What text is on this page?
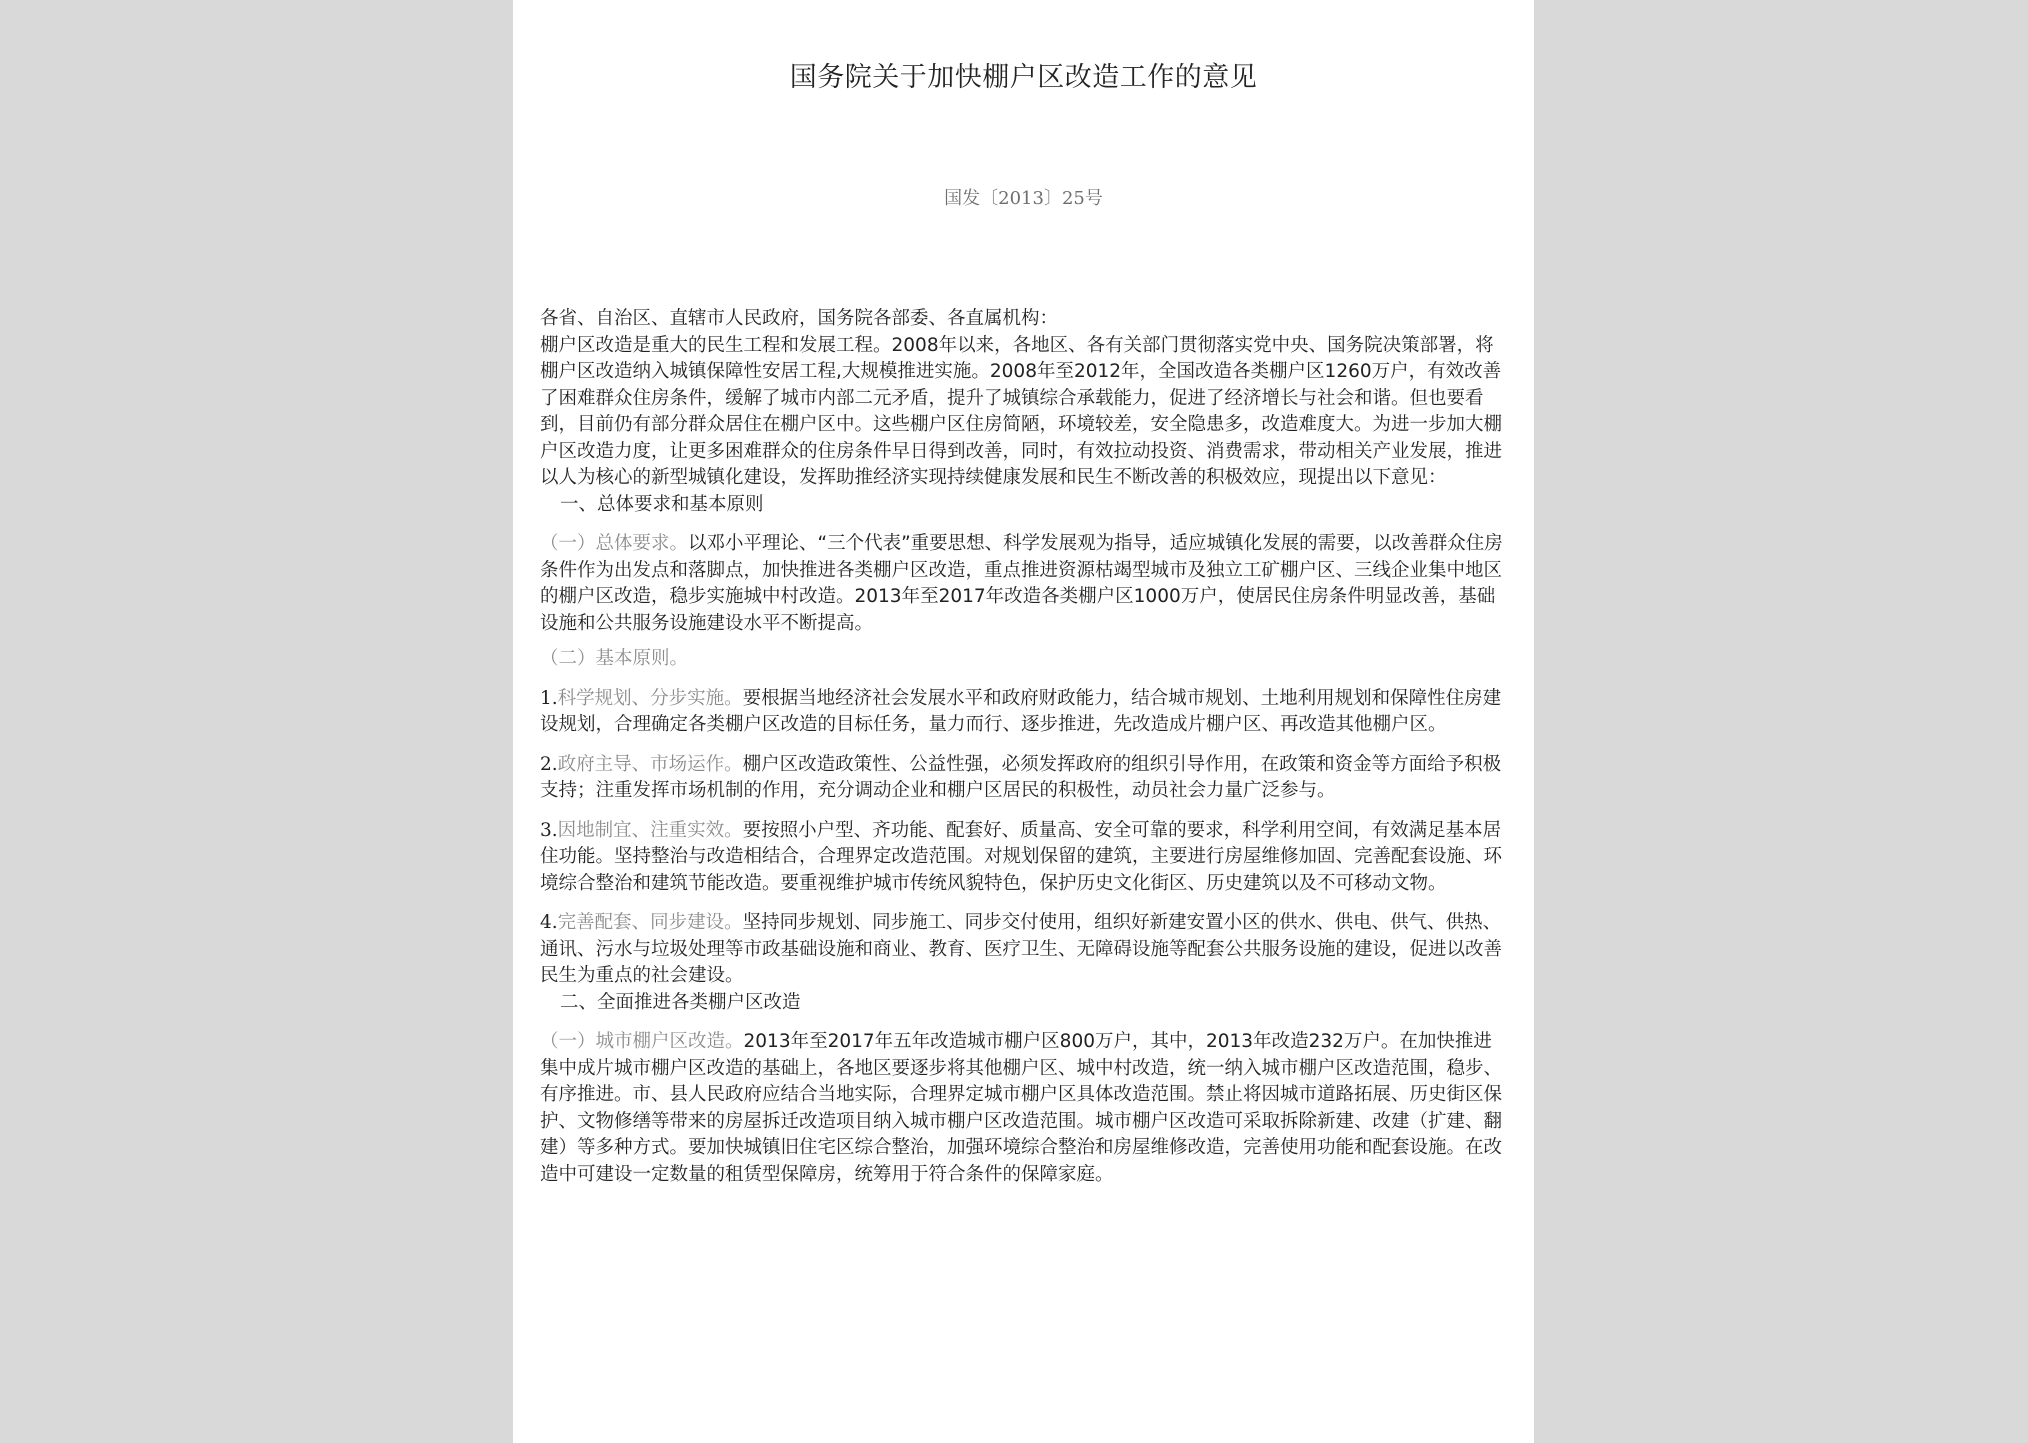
国务院关于加快棚户区改造工作的意见
国发〔2013〕25号

各省、自治区、直辖市人民政府，国务院各部委、各直属机构：

棚户区改造是重大的民生工程和发展工程。2008年以来，各地区、各有关部门贯彻落实党中央、国务院决策部署，将棚户区改造纳入城镇保障性安居工程,大规模推进实施。2008年至2012年，全国改造各类棚户区1260万户，有效改善了困难群众住房条件，缓解了城市内部二元矛盾，提升了城镇综合承载能力，促进了经济增长与社会和谐。但也要看到，目前仍有部分群众居住在棚户区中。这些棚户区住房简陋，环境较差，安全隐患多，改造难度大。为进一步加大棚户区改造力度，让更多困难群众的住房条件早日得到改善，同时，有效拉动投资、消费需求，带动相关产业发展，推进以人为核心的新型城镇化建设，发挥助推经济实现持续健康发展和民生不断改善的积极效应，现提出以下意见：

一、总体要求和基本原则

（一）总体要求。以邓小平理论、“三个代表”重要思想、科学发展观为指导，适应城镇化发展的需要，以改善群众住房条件作为出发点和落脚点，加快推进各类棚户区改造，重点推进资源枯竭型城市及独立工矿棚户区、三线企业集中地区的棚户区改造，稳步实施城中村改造。2013年至2017年改造各类棚户区1000万户，使居民住房条件明显改善，基础设施和公共服务设施建设水平不断提高。

（二）基本原则。

1.科学规划、分步实施。要根据当地经济社会发展水平和政府财政能力，结合城市规划、土地利用规划和保障性住房建设规划，合理确定各类棚户区改造的目标任务，量力而行、逐步推进，先改造成片棚户区、再改造其他棚户区。

2.政府主导、市场运作。棚户区改造政策性、公益性强，必须发挥政府的组织引导作用，在政策和资金等方面给予积极支持；注重发挥市场机制的作用，充分调动企业和棚户区居民的积极性，动员社会力量广泛参与。

3.因地制宜、注重实效。要按照小户型、齐功能、配套好、质量高、安全可靠的要求，科学利用空间，有效满足基本居住功能。坚持整治与改造相结合，合理界定改造范围。对规划保留的建筑，主要进行房屋维修加固、完善配套设施、环境综合整治和建筑节能改造。要重视维护城市传统风貌特色，保护历史文化街区、历史建筑以及不可移动文物。

4.完善配套、同步建设。坚持同步规划、同步施工、同步交付使用，组织好新建安置小区的供水、供电、供气、供热、通讯、污水与垃圾处理等市政基础设施和商业、教育、医疗卫生、无障碍设施等配套公共服务设施的建设，促进以改善民生为重点的社会建设。

二、全面推进各类棚户区改造

（一）城市棚户区改造。2013年至2017年五年改造城市棚户区800万户，其中，2013年改造232万户。在加快推进集中成片城市棚户区改造的基础上，各地区要逐步将其他棚户区、城中村改造，统一纳入城市棚户区改造范围，稳步、有序推进。市、县人民政府应结合当地实际，合理界定城市棚户区具体改造范围。禁止将因城市道路拓展、历史街区保护、文物修缮等带来的房屋拆迁改造项目纳入城市棚户区改造范围。城市棚户区改造可采取拆除新建、改建（扩建、翻建）等多种方式。要加快城镇旧住宅区综合整治，加强环境综合整治和房屋维修改造，完善使用功能和配套设施。在改造中可建设一定数量的租赁型保障房，统筹用于符合条件的保障家庭。
